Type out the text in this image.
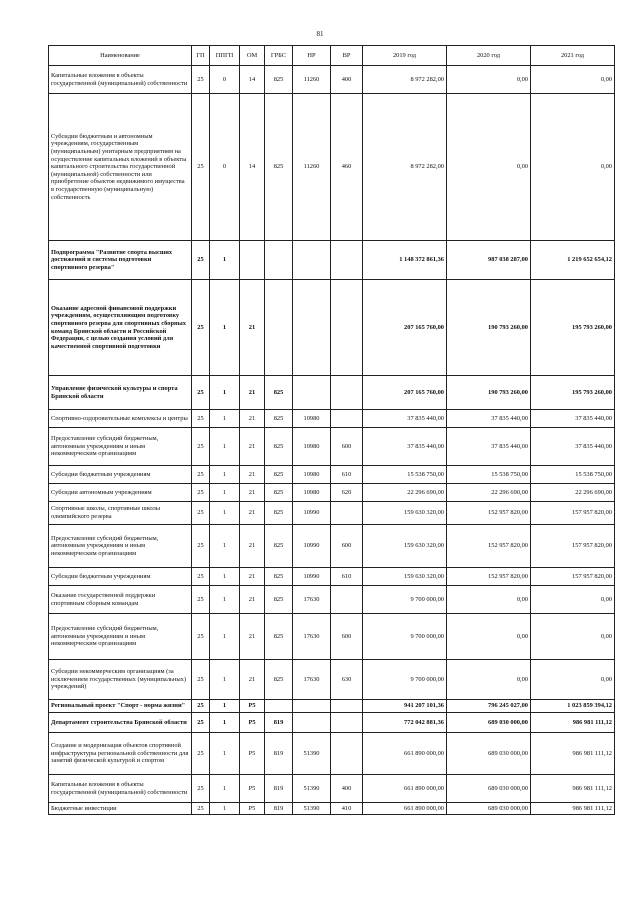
81
Наименование	ГП	ППГП	ОМ	ГРБС	НР	ВР	2019 год	2020 год	2021 год
Капитальные вложения в объекты государственной (муниципальной) собственности	25	0	14	825	11260	400	8 972 282,00	0,00	0,00
Субсидии бюджетным и автономным учреждениям, государственным (муниципальным) унитарным предприятиям на осуществление капитальных вложений в объекты капитального строительства государственной (муниципальной) собственности или приобретение объектов недвижимого имущества в государственную (муниципальную) собственность	25	0	14	825	11260	460	8 972 282,00	0,00	0,00
Подпрограмма "Развитие спорта высших достижений и системы подготовки спортивного резерва"	25	1					1 148 372 861,36	987 038 287,00	1 219 652 654,12
Оказание адресной финансовой поддержки учреждениям, осуществляющим подготовку спортивного резерва для спортивных сборных команд Брянской области и Российской Федерации, с целью создания условий для качественной спортивной подготовки	25	1	21				207 165 760,00	190 793 260,00	195 793 260,00
Управление физической культуры и спорта Брянской области	25	1	21	825			207 165 760,00	190 793 260,00	195 793 260,00
Спортивно-оздоровительные комплексы и центры	25	1	21	825	10980		37 835 440,00	37 835 440,00	37 835 440,00
Предоставление субсидий бюджетным, автономным учреждениям и иным некоммерческим организациям	25	1	21	825	10980	600	37 835 440,00	37 835 440,00	37 835 440,00
Субсидии бюджетным учреждениям	25	1	21	825	10980	610	15 538 750,00	15 538 750,00	15 538 750,00
Субсидии автономным учреждениям	25	1	21	825	10980	620	22 296 690,00	22 296 690,00	22 296 690,00
Спортивные школы, спортивные школы олимпийского резерва	25	1	21	825	10990		159 630 320,00	152 957 820,00	157 957 820,00
Предоставление субсидий бюджетным, автономным учреждениям и иным некоммерческим организациям	25	1	21	825	10990	600	159 630 320,00	152 957 820,00	157 957 820,00
Субсидии бюджетным учреждениям	25	1	21	825	10990	610	159 630 320,00	152 957 820,00	157 957 820,00
Оказание государственной поддержки спортивным сборным командам	25	1	21	825	17630		9 700 000,00	0,00	0,00
Предоставление субсидий бюджетным, автономным учреждениям и иным некоммерческим организациям	25	1	21	825	17630	600	9 700 000,00	0,00	0,00
Субсидии некоммерческим организациям (за исключением государственных (муниципальных) учреждений)	25	1	21	825	17630	630	9 700 000,00	0,00	0,00
Региональный проект "Спорт - норма жизни"	25	1	P5				941 207 101,36	796 245 027,00	1 023 859 394,12
Департамент строительства Брянской области	25	1	P5	819			772 042 881,36	689 030 000,00	986 981 111,12
Создание и модернизация объектов спортивной инфраструктуры региональной собственности для занятий физической культурой и спортом	25	1	P5	819	51390		661 890 000,00	689 030 000,00	986 981 111,12
Капитальные вложения в объекты государственной (муниципальной) собственности	25	1	P5	819	51390	400	661 890 000,00	689 030 000,00	986 981 111,12
Бюджетные инвестиции	25	1	P5	819	51390	410	661 890 000,00	689 030 000,00	986 981 111,12
